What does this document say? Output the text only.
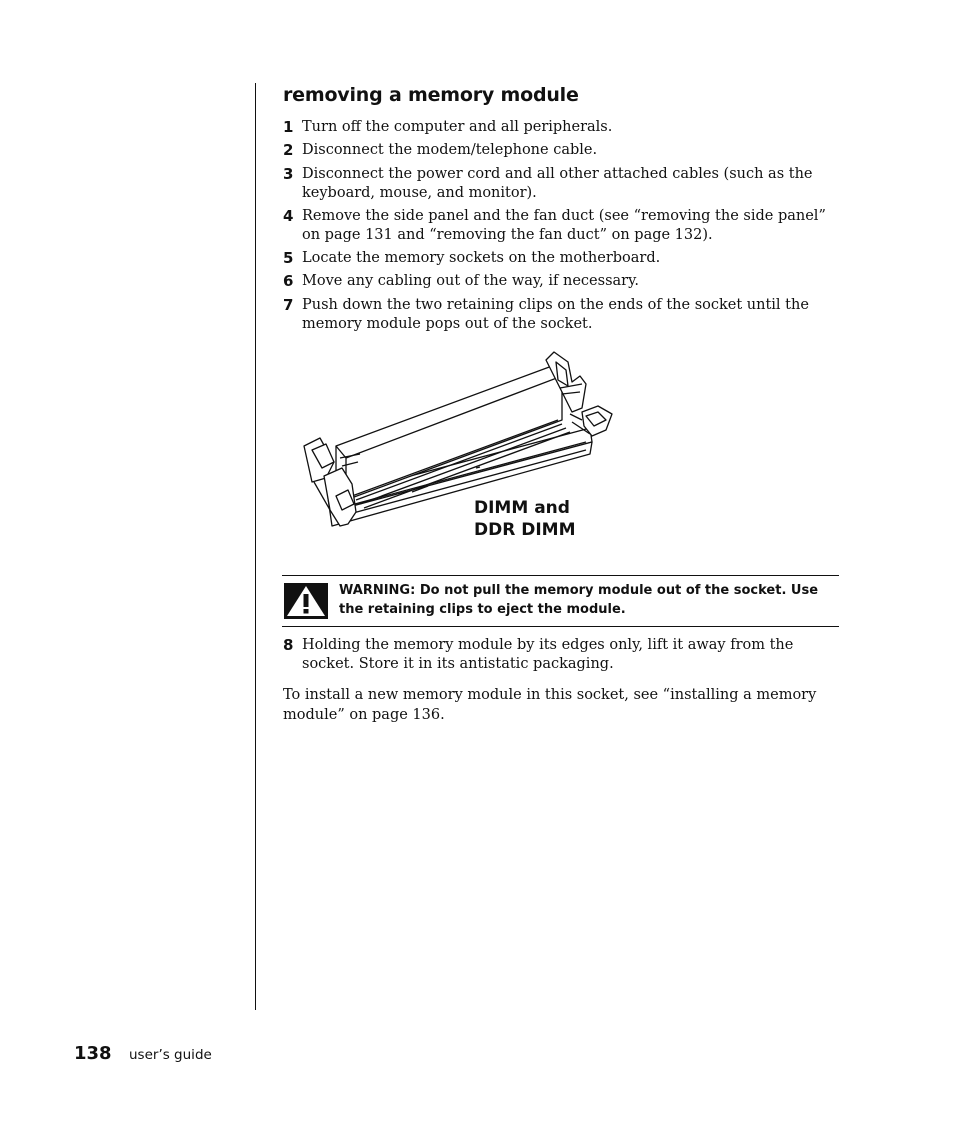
removing a memory module
1 Turn off the computer and all peripherals.
2 Disconnect the modem/telephone cable.
3 Disconnect the power cord and all other attached cables (such as the keyboard, mouse, and monitor).
4 Remove the side panel and the fan duct (see “removing the side panel” on page 131 and “removing the fan duct” on page 132).
5 Locate the memory sockets on the motherboard.
6 Move any cabling out of the way, if necessary.
7 Push down the two retaining clips on the ends of the socket until the memory module pops out of the socket.
DIMM and
DDR DIMM
WARNING: Do not pull the memory module out of the socket. Use the retaining clips to eject the module.
8 Holding the memory module by its edges only, lift it away from the socket. Store it in its antistatic packaging.

To install a new memory module in this socket, see “installing a memory module” on page 136.

138 user’s guide
